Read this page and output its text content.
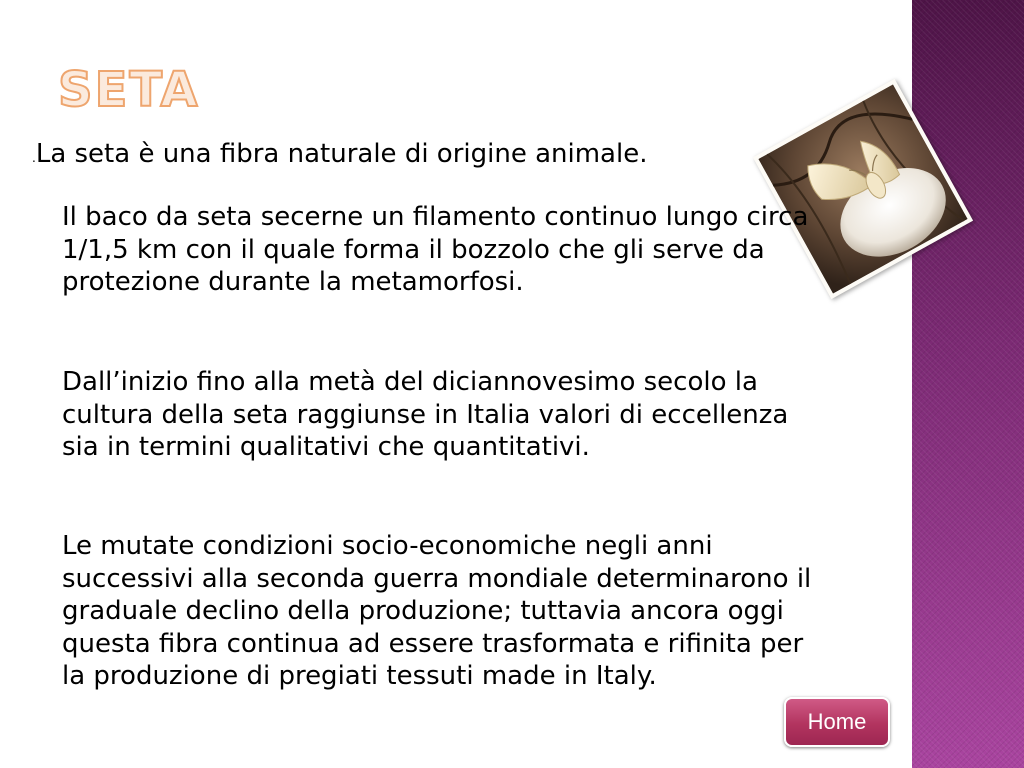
SETA
.La seta è una fibra naturale di origine animale.

Il baco da seta secerne un filamento continuo lungo circa 1/1,5 km con il quale forma il bozzolo che gli serve da protezione durante la metamorfosi.

Dall’inizio fino alla metà del diciannovesimo secolo la cultura della seta raggiunse in Italia valori di eccellenza sia in termini qualitativi che quantitativi.

Le mutate condizioni socio-economiche negli anni successivi alla seconda guerra mondiale determinarono il graduale declino della produzione; tuttavia ancora oggi questa fibra continua ad essere trasformata e rifinita per la produzione di pregiati tessuti made in Italy.

Home
